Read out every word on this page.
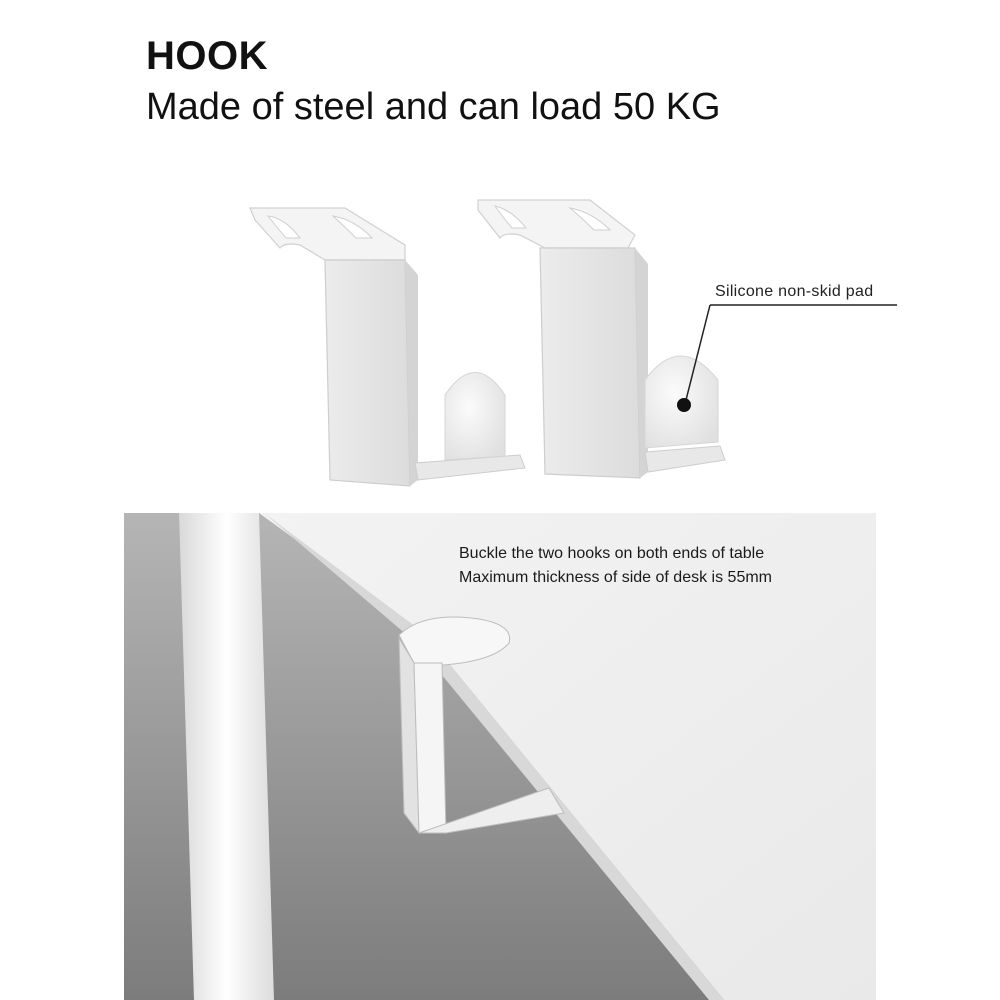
HOOK
Made of steel and can load 50 KG
Silicone non-skid pad
Buckle the two hooks on both ends of table
Maximum thickness of side of desk is 55mm
